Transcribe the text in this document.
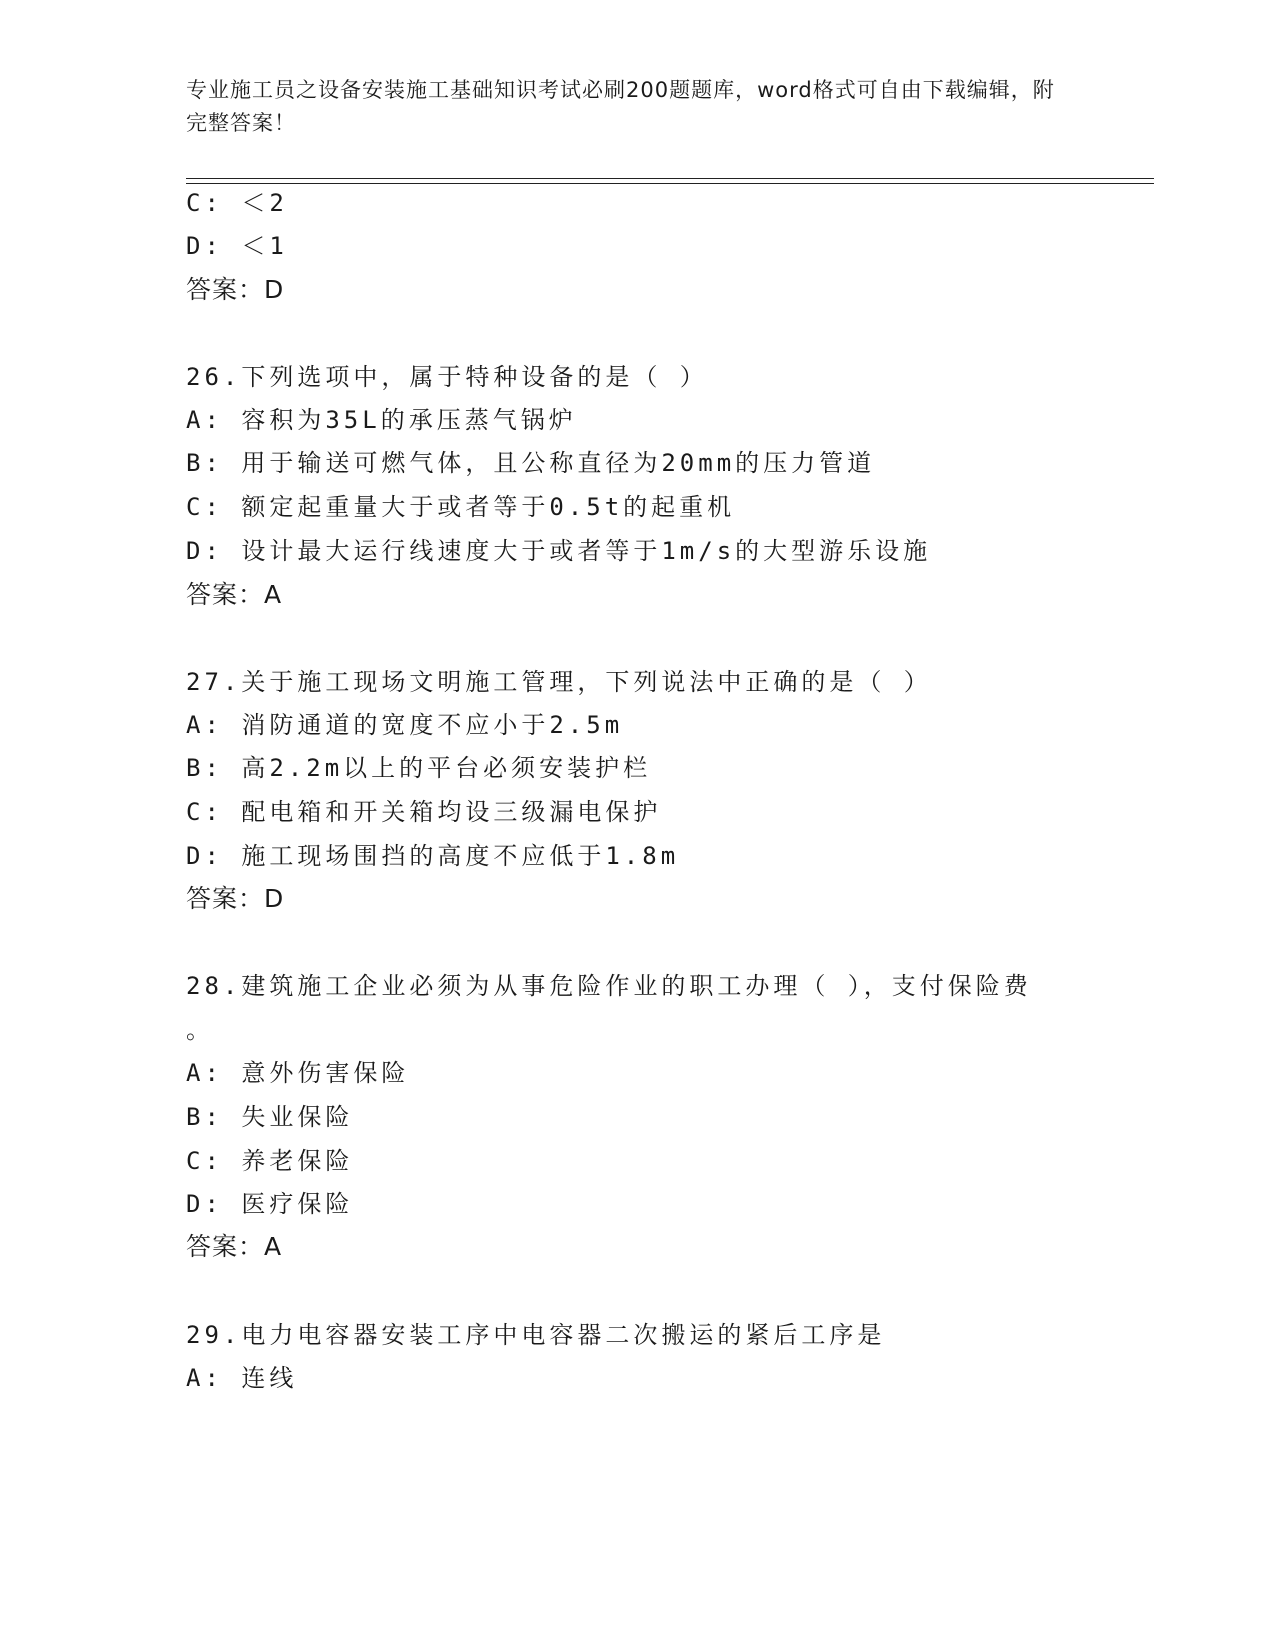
专业施工员之设备安装施工基础知识考试必刷200题题库，word格式可自由下载编辑，附完整答案！
C: ＜2
D: ＜1
答案：D
26.下列选项中，属于特种设备的是（ ）
A: 容积为35L的承压蒸气锅炉
B: 用于输送可燃气体，且公称直径为20mm的压力管道
C: 额定起重量大于或者等于0.5t的起重机
D: 设计最大运行线速度大于或者等于1m/s的大型游乐设施
答案：A
27.关于施工现场文明施工管理，下列说法中正确的是（ ）
A: 消防通道的宽度不应小于2.5m
B: 高2.2m以上的平台必须安装护栏
C: 配电箱和开关箱均设三级漏电保护
D: 施工现场围挡的高度不应低于1.8m
答案：D
28.建筑施工企业必须为从事危险作业的职工办理（ ），支付保险费
。
A: 意外伤害保险
B: 失业保险
C: 养老保险
D: 医疗保险
答案：A
29.电力电容器安装工序中电容器二次搬运的紧后工序是
A: 连线
